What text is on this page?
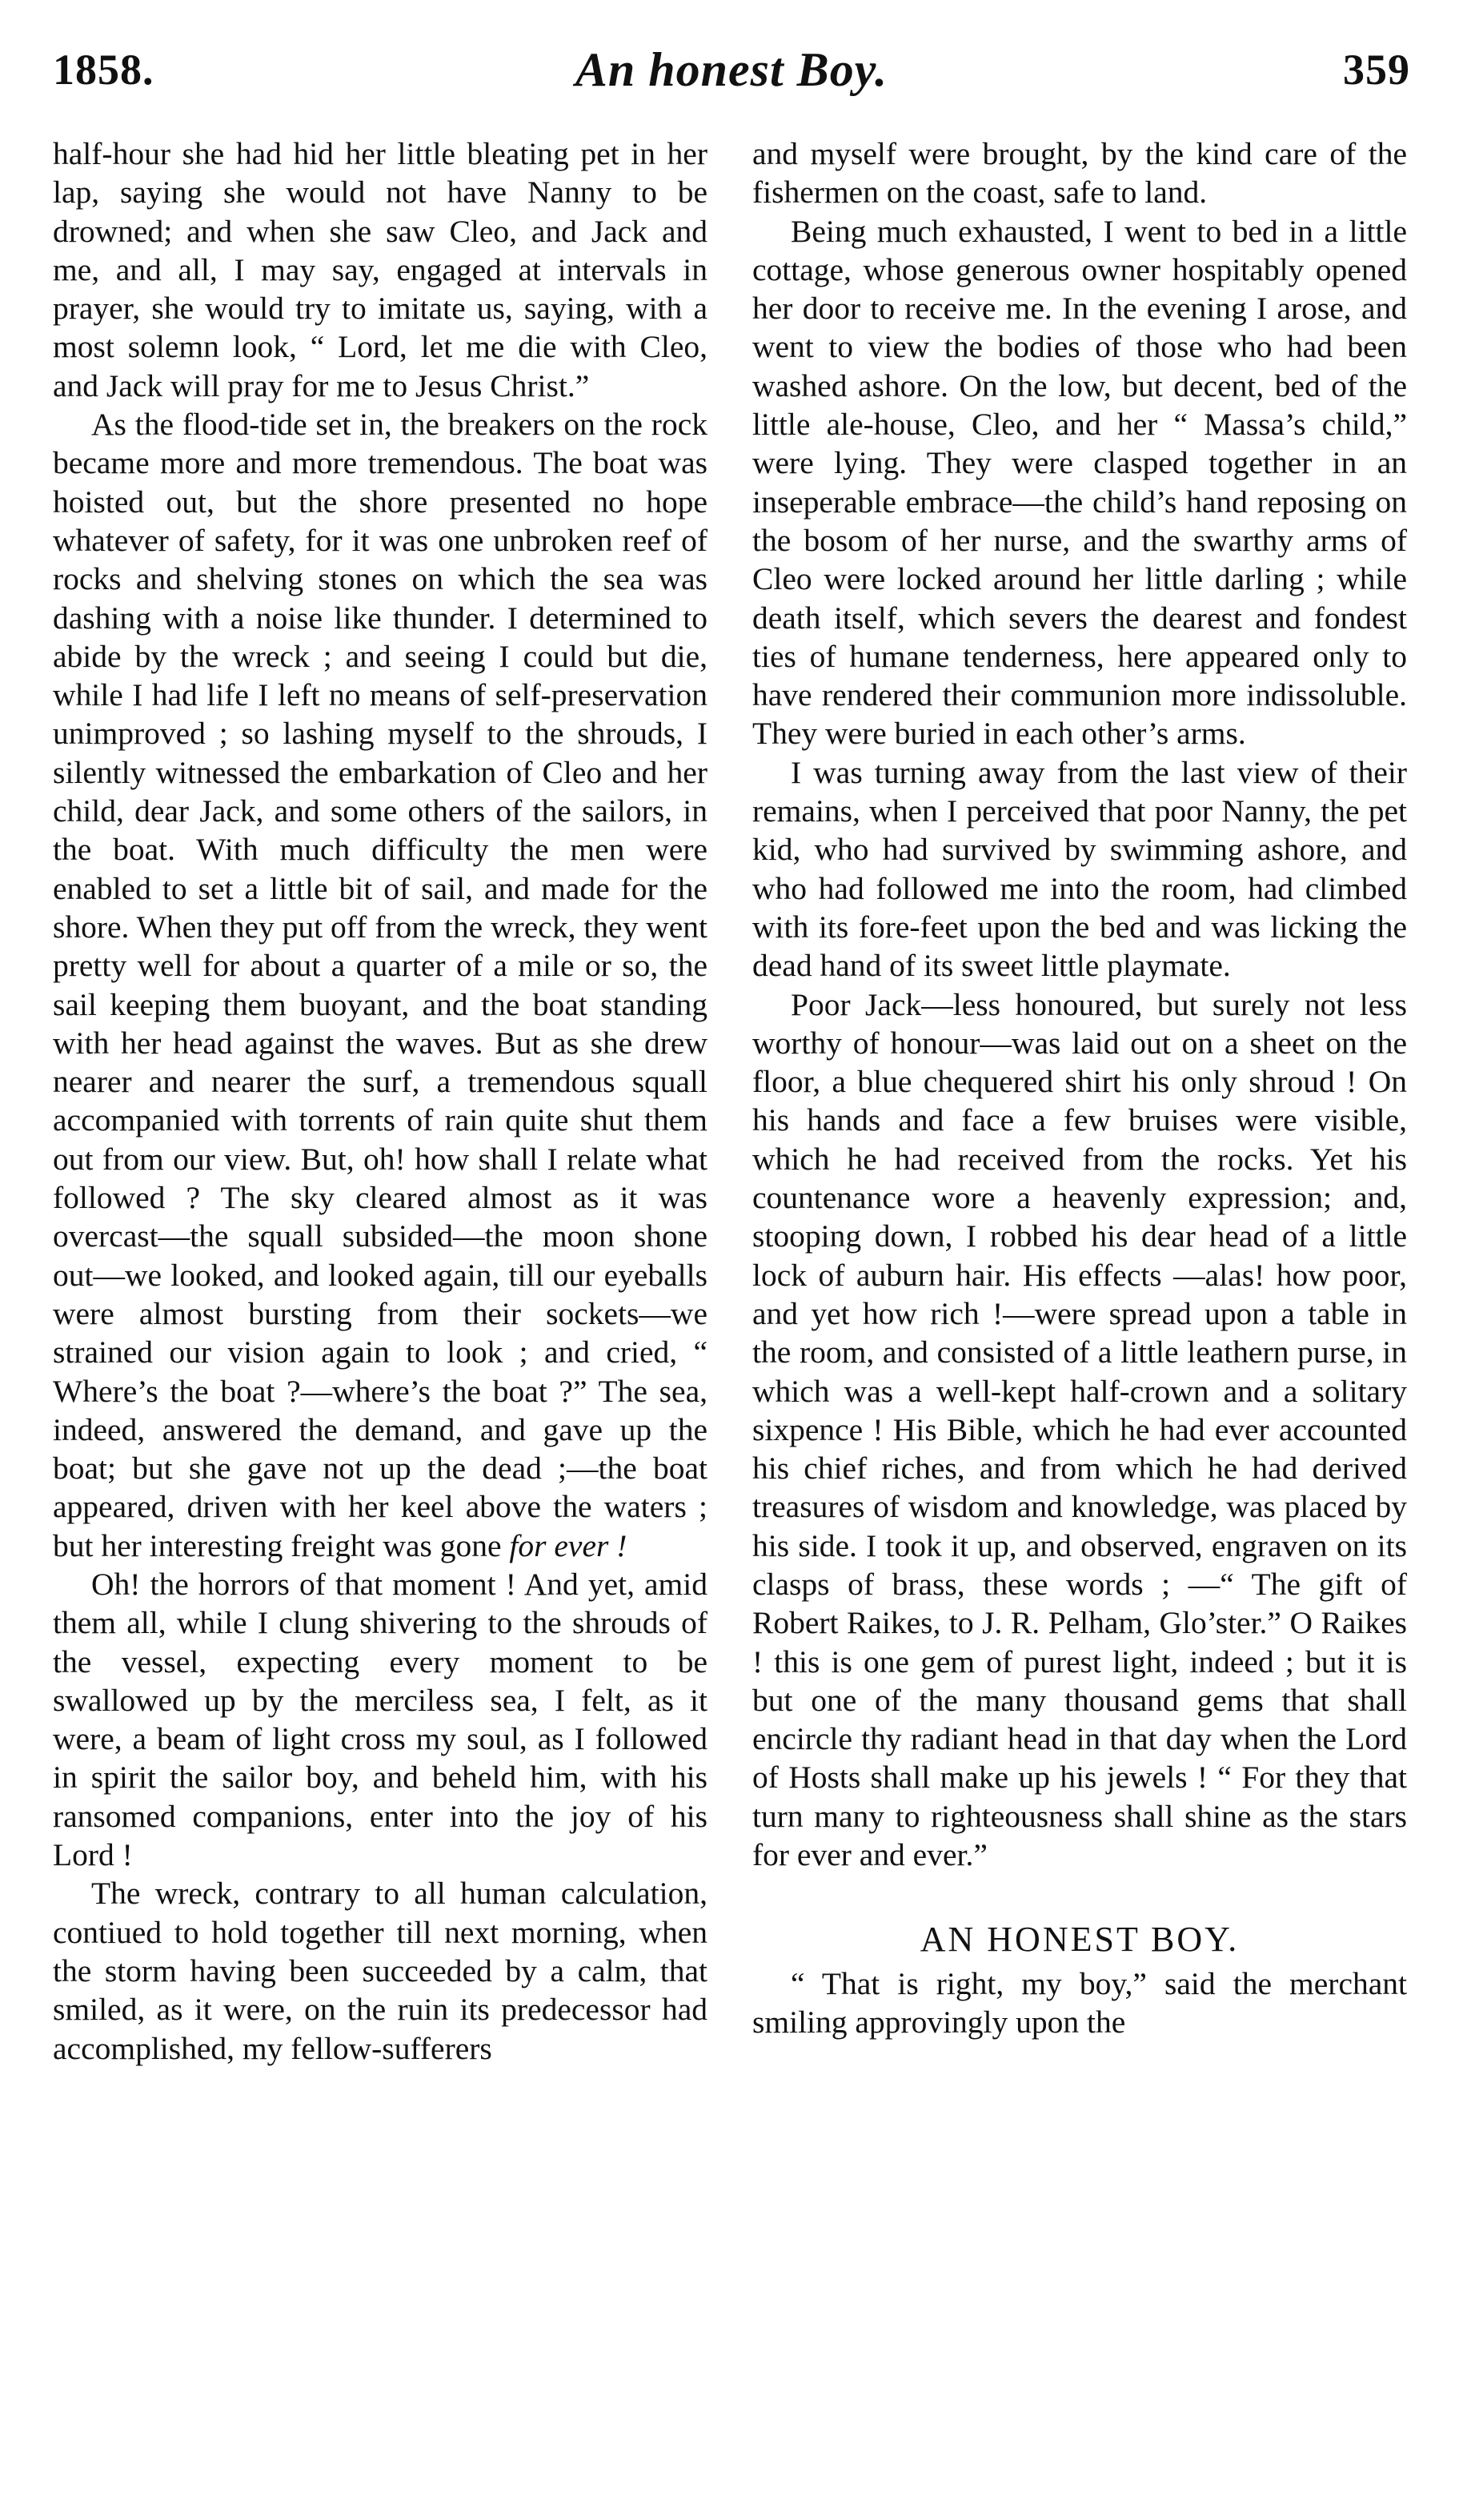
1858.	An honest Boy.	359

half-hour she had hid her little bleating pet in her lap, saying she would not have Nanny to be drowned; and when she saw Cleo, and Jack and me, and all, I may say, engaged at intervals in prayer, she would try to imitate us, saying, with a most solemn look, “ Lord, let me die with Cleo, and Jack will pray for me to Jesus Christ.”

As the flood-tide set in, the breakers on the rock became more and more tremendous. The boat was hoisted out, but the shore presented no hope whatever of safety, for it was one unbroken reef of rocks and shelving stones on which the sea was dashing with a noise like thunder. I determined to abide by the wreck ; and seeing I could but die, while I had life I left no means of self-preservation unimproved ; so lashing myself to the shrouds, I silently witnessed the embarkation of Cleo and her child, dear Jack, and some others of the sailors, in the boat. With much difficulty the men were enabled to set a little bit of sail, and made for the shore. When they put off from the wreck, they went pretty well for about a quarter of a mile or so, the sail keeping them buoyant, and the boat standing with her head against the waves. But as she drew nearer and nearer the surf, a tremendous squall accompanied with torrents of rain quite shut them out from our view. But, oh! how shall I relate what followed ? The sky cleared almost as it was overcast—the squall subsided—the moon shone out—we looked, and looked again, till our eyeballs were almost bursting from their sockets—we strained our vision again to look ; and cried, “ Where’s the boat ?—where’s the boat ?” The sea, indeed, answered the demand, and gave up the boat; but she gave not up the dead ;—the boat appeared, driven with her keel above the waters ; but her interesting freight was gone for ever !

Oh! the horrors of that moment ! And yet, amid them all, while I clung shivering to the shrouds of the vessel, expecting every moment to be swallowed up by the merciless sea, I felt, as it were, a beam of light cross my soul, as I followed in spirit the sailor boy, and beheld him, with his ransomed companions, enter into the joy of his Lord !

The wreck, contrary to all human calculation, contiued to hold together till next morning, when the storm having been succeeded by a calm, that smiled, as it were, on the ruin its predecessor had accomplished, my fellow-sufferers

and myself were brought, by the kind care of the fishermen on the coast, safe to land.

Being much exhausted, I went to bed in a little cottage, whose generous owner hospitably opened her door to receive me. In the evening I arose, and went to view the bodies of those who had been washed ashore. On the low, but decent, bed of the little ale-house, Cleo, and her “ Massa’s child,” were lying. They were clasped together in an inseperable embrace—the child’s hand reposing on the bosom of her nurse, and the swarthy arms of Cleo were locked around her little darling ; while death itself, which severs the dearest and fondest ties of humane tenderness, here appeared only to have rendered their communion more indissoluble. They were buried in each other’s arms.

I was turning away from the last view of their remains, when I perceived that poor Nanny, the pet kid, who had survived by swimming ashore, and who had followed me into the room, had climbed with its fore-feet upon the bed and was licking the dead hand of its sweet little playmate.

Poor Jack—less honoured, but surely not less worthy of honour—was laid out on a sheet on the floor, a blue chequered shirt his only shroud ! On his hands and face a few bruises were visible, which he had received from the rocks. Yet his countenance wore a heavenly expression; and, stooping down, I robbed his dear head of a little lock of auburn hair. His effects —alas! how poor, and yet how rich !—were spread upon a table in the room, and consisted of a little leathern purse, in which was a well-kept half-crown and a solitary sixpence ! His Bible, which he had ever accounted his chief riches, and from which he had derived treasures of wisdom and knowledge, was placed by his side. I took it up, and observed, engraven on its clasps of brass, these words ; —“ The gift of Robert Raikes, to J. R. Pelham, Glo’ster.” O Raikes ! this is one gem of purest light, indeed ; but it is but one of the many thousand gems that shall encircle thy radiant head in that day when the Lord of Hosts shall make up his jewels ! “ For they that turn many to righteousness shall shine as the stars for ever and ever.”

AN HONEST BOY.

“ That is right, my boy,” said the merchant smiling approvingly upon the
